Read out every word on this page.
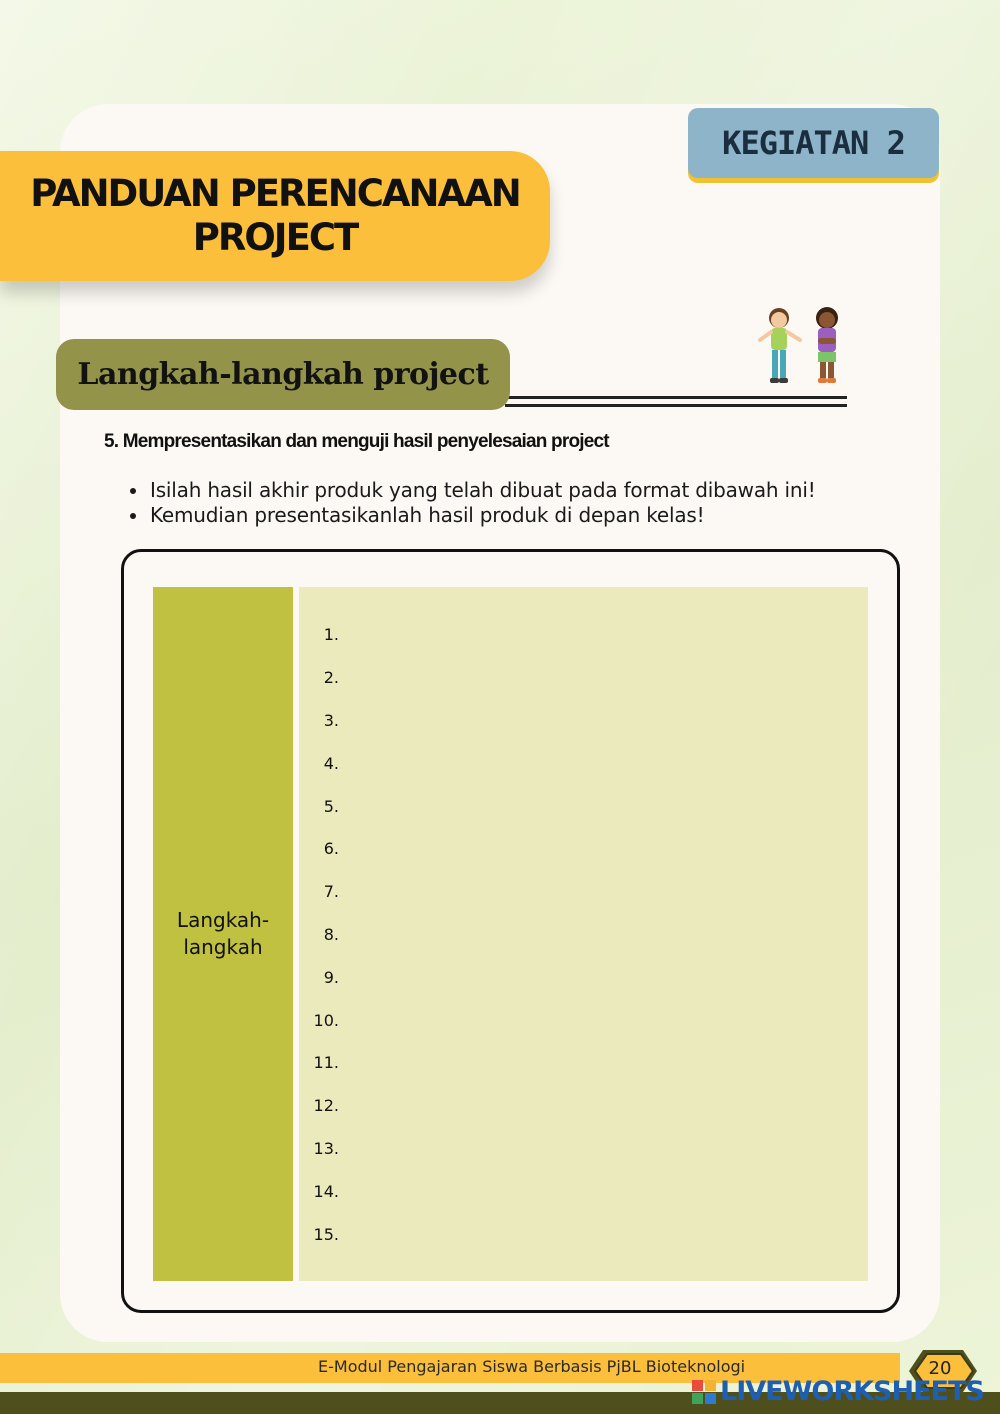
KEGIATAN 2
PANDUAN PERENCANAAN
PROJECT
Langkah-langkah project
5. Mempresentasikan dan menguji hasil penyelesaian project
Isilah hasil akhir produk yang telah dibuat pada format dibawah ini!
Kemudian presentasikanlah hasil produk di depan kelas!
Langkah-langkah
1.
2.
3.
4.
5.
6.
7.
8.
9.
10.
11.
12.
13.
14.
15.
E-Modul Pengajaran Siswa Berbasis PjBL Bioteknologi	20
LIVEWORKSHEETS
